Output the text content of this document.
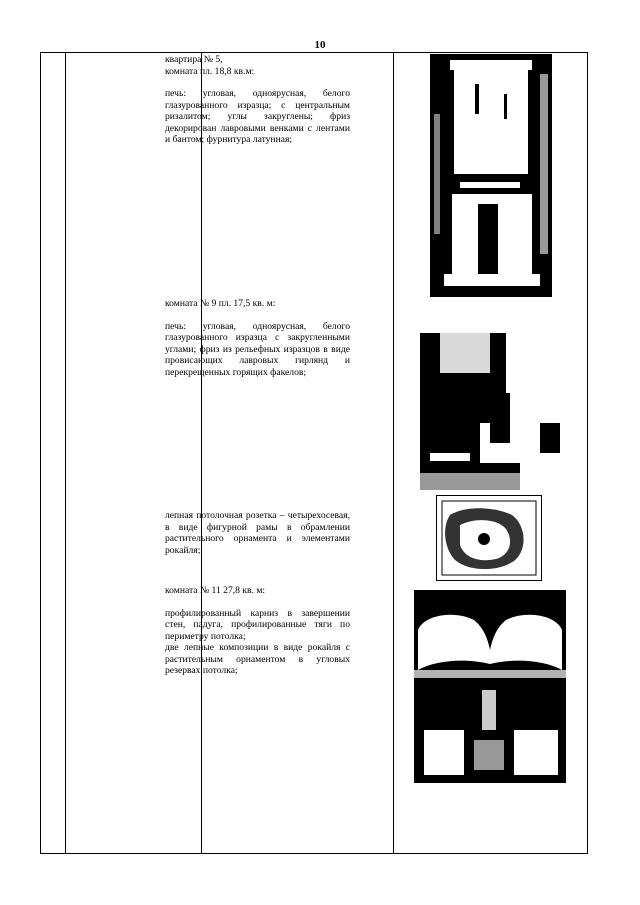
10

квартира № 5,

комната пл. 18,8 кв.м:

печь: угловая, одноярусная, белого глазурованного изразца; с центральным ризалитом; углы закруглены; фриз декорирован лавровыми венками с лентами и бантом; фурнитура латунная;

комната № 9 пл. 17,5 кв. м:

печь: угловая, одноярусная, белого глазурованного изразца с закругленными углами; фриз из рельефных изразцов в виде провисающих лавровых гирлянд и перекрещенных горящих факелов;

лепная потолочная розетка – четырехосевая, в виде фигурной рамы в обрамлении растительного орнамента и элементами рокайля;

комната № 11 27,8 кв. м:

профилированный карниз в завершении стен, падуга, профилированные тяги по периметру потолка;

две лепные композиции в виде рокайля с растительным орнаментом в угловых резервах потолка;
